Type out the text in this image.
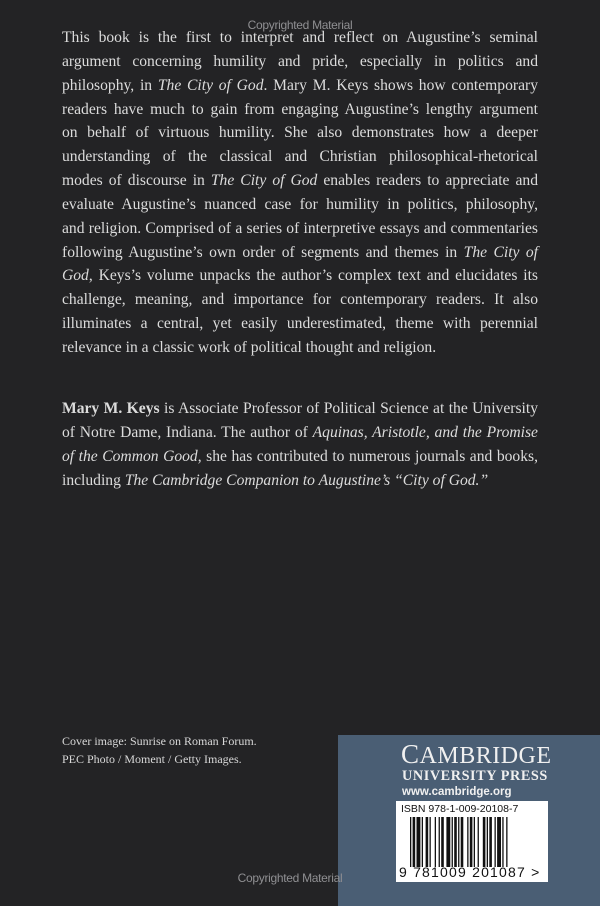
Copyrighted Material
This book is the first to interpret and reflect on Augustine’s seminal
argument concerning humility and pride, especially in politics and
philosophy, in The City of God. Mary M. Keys shows how contemporary
readers have much to gain from engaging Augustine’s lengthy argument
on behalf of virtuous humility. She also demonstrates how a deeper
understanding of the classical and Christian philosophical-rhetorical
modes of discourse in The City of God enables readers to appreciate and
evaluate Augustine’s nuanced case for humility in politics, philosophy,
and religion. Comprised of a series of interpretive essays and commentaries
following Augustine’s own order of segments and themes in The City of
God, Keys’s volume unpacks the author’s complex text and elucidates its
challenge, meaning, and importance for contemporary readers. It also
illuminates a central, yet easily underestimated, theme with perennial
relevance in a classic work of political thought and religion.
Mary M. Keys is Associate Professor of Political Science at the University
of Notre Dame, Indiana. The author of Aquinas, Aristotle, and the Promise
of the Common Good, she has contributed to numerous journals and books,
including The Cambridge Companion to Augustine’s “City of God.”
Cover image: Sunrise on Roman Forum.
PEC Photo / Moment / Getty Images.	CAMBRIDGE
UNIVERSITY PRESS
www.cambridge.org
ISBN 978-1-009-20108-7
9 781009 201087 >
Copyrighted Material
